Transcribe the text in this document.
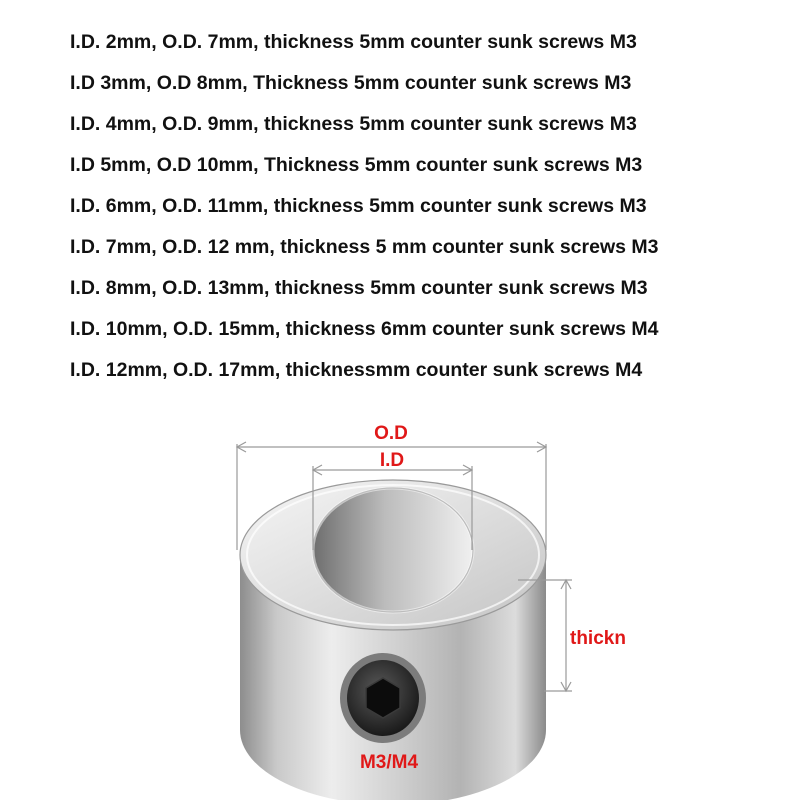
I.D. 2mm, O.D. 7mm, thickness 5mm counter sunk screws M3
I.D 3mm, O.D 8mm, Thickness 5mm counter sunk screws M3
I.D. 4mm, O.D. 9mm, thickness 5mm counter sunk screws M3
I.D 5mm, O.D 10mm, Thickness 5mm counter sunk screws M3
I.D. 6mm, O.D. 11mm, thickness 5mm counter sunk screws M3
I.D. 7mm, O.D. 12 mm, thickness 5 mm counter sunk screws M3
I.D. 8mm, O.D. 13mm, thickness 5mm counter sunk screws M3
I.D. 10mm, O.D. 15mm, thickness 6mm counter sunk screws M4
I.D. 12mm, O.D. 17mm, thicknessmm counter sunk screws M4
O.D
I.D
thickn
M3/M4
